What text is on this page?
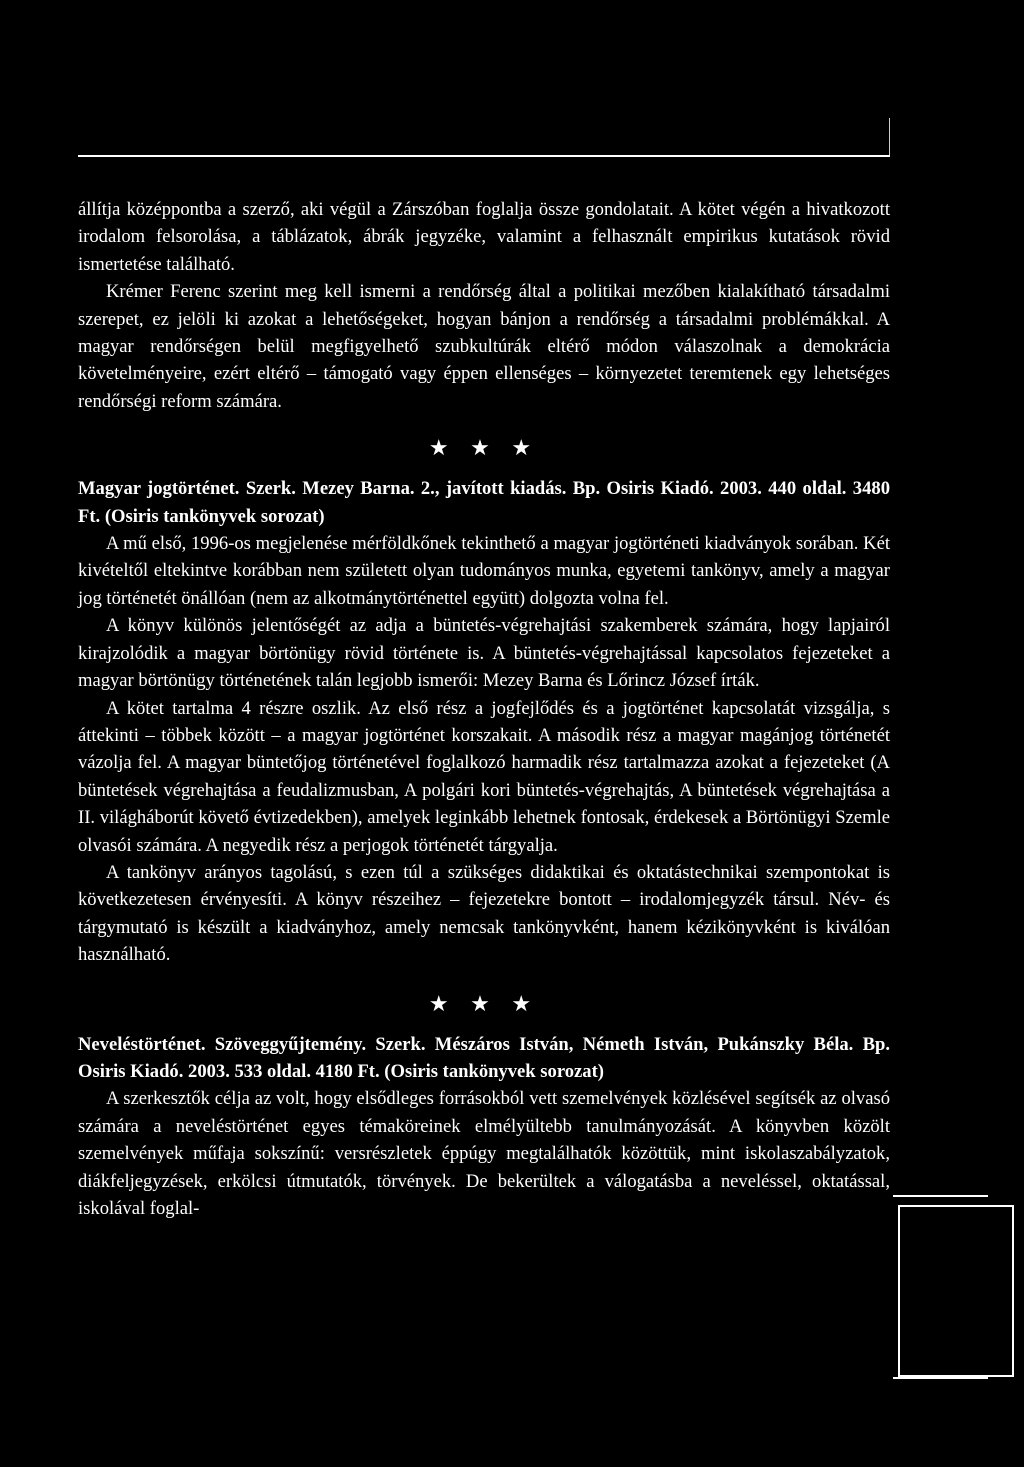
állítja középpontba a szerző, aki végül a Zárszóban foglalja össze gondolatait. A kötet végén a hivatkozott irodalom felsorolása, a táblázatok, ábrák jegyzéke, valamint a felhasznált empirikus kutatások rövid ismertetése található.

Krémer Ferenc szerint meg kell ismerni a rendőrség által a politikai mezőben kialakítható társadalmi szerepet, ez jelöli ki azokat a lehetőségeket, hogyan bánjon a rendőrség a társadalmi problémákkal. A magyar rendőrségen belül megfigyelhető szubkultúrák eltérő módon válaszolnak a demokrácia követelményeire, ezért eltérő – támogató vagy éppen ellenséges – környezetet teremtenek egy lehetséges rendőrségi reform számára.

★ ★ ★

Magyar jogtörténet. Szerk. Mezey Barna. 2., javított kiadás. Bp. Osiris Kiadó. 2003. 440 oldal. 3480 Ft. (Osiris tankönyvek sorozat)

A mű első, 1996-os megjelenése mérföldkőnek tekinthető a magyar jogtörténeti kiadványok sorában. Két kivételtől eltekintve korábban nem született olyan tudományos munka, egyetemi tankönyv, amely a magyar jog történetét önállóan (nem az alkotmánytörténettel együtt) dolgozta volna fel.

A könyv különös jelentőségét az adja a büntetés-végrehajtási szakemberek számára, hogy lapjairól kirajzolódik a magyar börtönügy rövid története is. A büntetés-végrehajtással kapcsolatos fejezeteket a magyar börtönügy történetének talán legjobb ismerői: Mezey Barna és Lőrincz József írták.

A kötet tartalma 4 részre oszlik. Az első rész a jogfejlődés és a jogtörténet kapcsolatát vizsgálja, s áttekinti – többek között – a magyar jogtörténet korszakait. A második rész a magyar magánjog történetét vázolja fel. A magyar büntetőjog történetével foglalkozó harmadik rész tartalmazza azokat a fejezeteket (A büntetések végrehajtása a feudalizmusban, A polgári kori büntetés-végrehajtás, A büntetések végrehajtása a II. világháborút követő évtizedekben), amelyek leginkább lehetnek fontosak, érdekesek a Börtönügyi Szemle olvasói számára. A negyedik rész a perjogok történetét tárgyalja.

A tankönyv arányos tagolású, s ezen túl a szükséges didaktikai és oktatástechnikai szempontokat is következetesen érvényesíti. A könyv részeihez – fejezetekre bontott – irodalomjegyzék társul. Név- és tárgymutató is készült a kiadványhoz, amely nemcsak tankönyvként, hanem kézikönyvként is kiválóan használható.

★ ★ ★

Neveléstörténet. Szöveggyűjtemény. Szerk. Mészáros István, Németh István, Pukánszky Béla. Bp. Osiris Kiadó. 2003. 533 oldal. 4180 Ft. (Osiris tankönyvek sorozat)

A szerkesztők célja az volt, hogy elsődleges forrásokból vett szemelvények közlésével segítsék az olvasó számára a neveléstörténet egyes témaköreinek elmélyültebb tanulmányozását. A könyvben közölt szemelvények műfaja sokszínű: versrészletek éppúgy megtalálhatók közöttük, mint iskolaszabályzatok, diákfeljegyzések, erkölcsi útmutatók, törvények. De bekerültek a válogatásba a neveléssel, oktatással, iskolával foglal-
